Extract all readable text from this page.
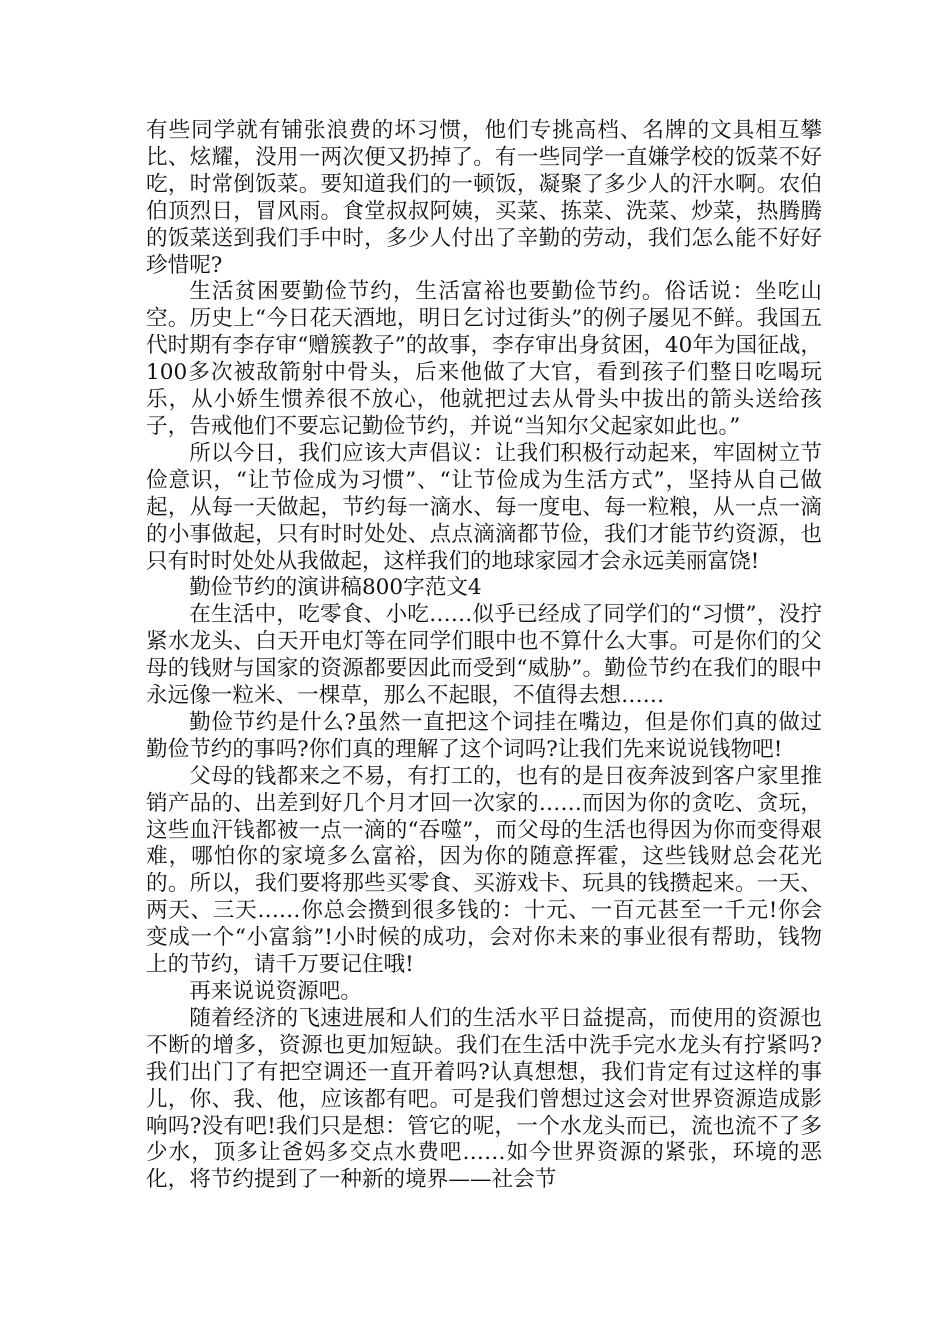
有些同学就有铺张浪费的坏习惯，他们专挑高档、名牌的文具相互攀比、炫耀，没用一两次便又扔掉了。有一些同学一直嫌学校的饭菜不好吃，时常倒饭菜。要知道我们的一顿饭，凝聚了多少人的汗水啊。农伯伯顶烈日，冒风雨。食堂叔叔阿姨，买菜、拣菜、洗菜、炒菜，热腾腾的饭菜送到我们手中时，多少人付出了辛勤的劳动，我们怎么能不好好珍惜呢?

生活贫困要勤俭节约，生活富裕也要勤俭节约。俗话说：坐吃山空。历史上“今日花天酒地，明日乞讨过街头”的例子屡见不鲜。我国五代时期有李存审“赠簇教子”的故事，李存审出身贫困，40年为国征战，100多次被敌箭射中骨头，后来他做了大官，看到孩子们整日吃喝玩乐，从小娇生惯养很不放心，他就把过去从骨头中拔出的箭头送给孩子，告戒他们不要忘记勤俭节约，并说“当知尔父起家如此也。”

所以今日，我们应该大声倡议：让我们积极行动起来，牢固树立节俭意识，“让节俭成为习惯”、“让节俭成为生活方式”，坚持从自己做起，从每一天做起，节约每一滴水、每一度电、每一粒粮，从一点一滴的小事做起，只有时时处处、点点滴滴都节俭，我们才能节约资源，也只有时时处处从我做起，这样我们的地球家园才会永远美丽富饶!

勤俭节约的演讲稿800字范文4

在生活中，吃零食、小吃……似乎已经成了同学们的“习惯”，没拧紧水龙头、白天开电灯等在同学们眼中也不算什么大事。可是你们的父母的钱财与国家的资源都要因此而受到“威胁”。勤俭节约在我们的眼中永远像一粒米、一棵草，那么不起眼，不值得去想……

勤俭节约是什么?虽然一直把这个词挂在嘴边，但是你们真的做过勤俭节约的事吗?你们真的理解了这个词吗?让我们先来说说钱物吧!

父母的钱都来之不易，有打工的，也有的是日夜奔波到客户家里推销产品的、出差到好几个月才回一次家的……而因为你的贪吃、贪玩，这些血汗钱都被一点一滴的“吞噬”，而父母的生活也得因为你而变得艰难，哪怕你的家境多么富裕，因为你的随意挥霍，这些钱财总会花光的。所以，我们要将那些买零食、买游戏卡、玩具的钱攒起来。一天、两天、三天……你总会攒到很多钱的：十元、一百元甚至一千元!你会变成一个“小富翁”!小时候的成功，会对你未来的事业很有帮助，钱物上的节约，请千万要记住哦!

再来说说资源吧。

随着经济的飞速进展和人们的生活水平日益提高，而使用的资源也不断的增多，资源也更加短缺。我们在生活中洗手完水龙头有拧紧吗?我们出门了有把空调还一直开着吗?认真想想，我们肯定有过这样的事儿，你、我、他，应该都有吧。可是我们曾想过这会对世界资源造成影响吗?没有吧!我们只是想：管它的呢，一个水龙头而已，流也流不了多少水，顶多让爸妈多交点水费吧……如今世界资源的紧张，环境的恶化，将节约提到了一种新的境界——社会节
